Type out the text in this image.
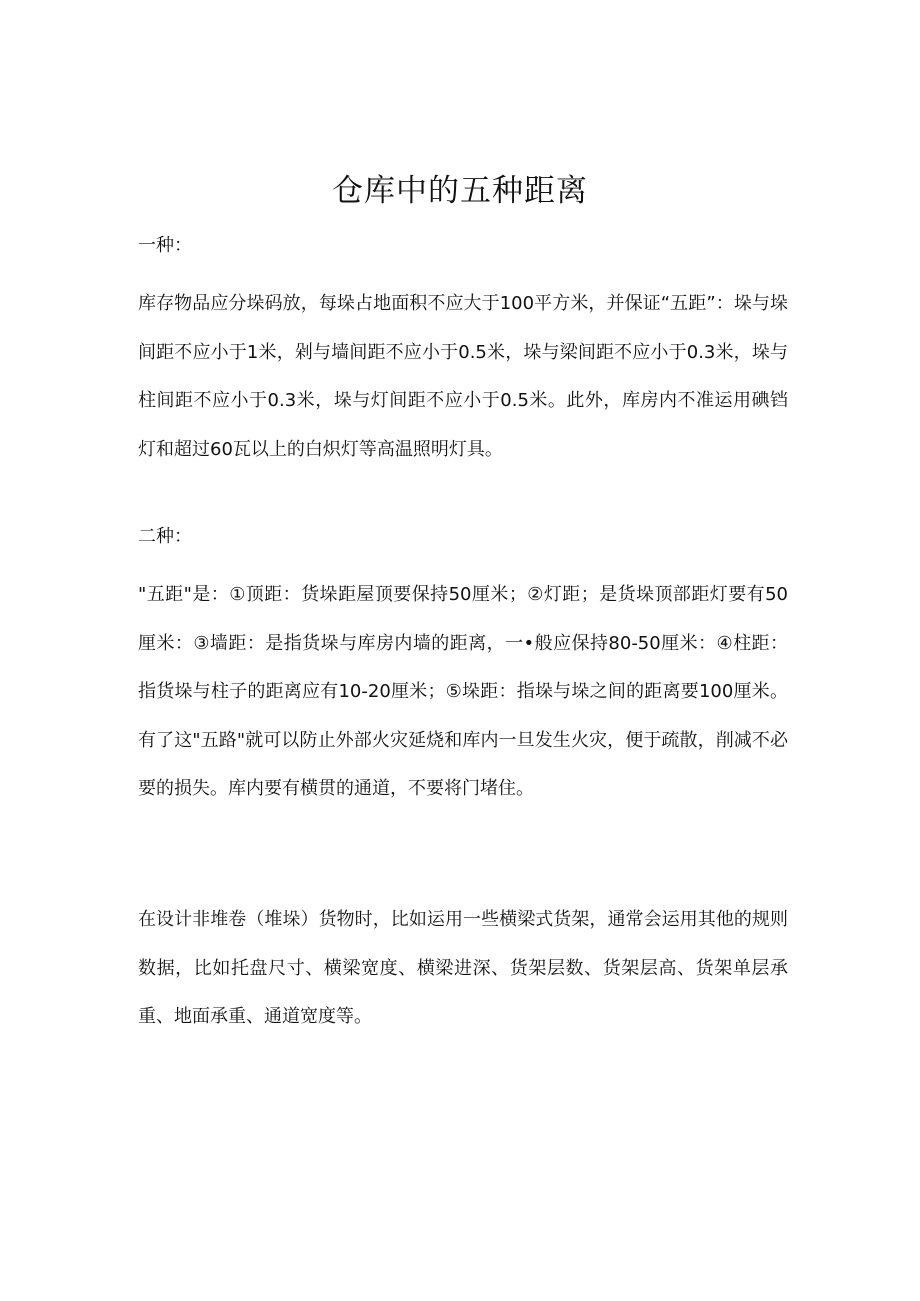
仓库中的五种距离
一种：

库存物品应分垛码放，每垛占地面积不应大于100平方米，并保证“五距”：垛与垛间距不应小于1米，剁与墙间距不应小于0.5米，垛与梁间距不应小于0.3米，垛与柱间距不应小于0.3米，垛与灯间距不应小于0.5米。此外，库房内不准运用碘铛灯和超过60瓦以上的白炽灯等高温照明灯具。

二种：

"五距"是：①顶距：货垛距屋顶要保持50厘米；②灯距；是货垛顶部距灯要有50厘米：③墙距：是指货垛与库房内墙的距离，一•般应保持80-50厘米：④柱距：指货垛与柱子的距离应有10-20厘米；⑤垛距：指垛与垛之间的距离要100厘米。有了这"五路"就可以防止外部火灾延烧和库内一旦发生火灾，便于疏散，削减不必要的损失。库内要有横贯的通道，不要将门堵住。

在设计非堆卷（堆垛）货物时，比如运用一些横梁式货架，通常会运用其他的规则数据，比如托盘尺寸、横梁宽度、横梁进深、货架层数、货架层高、货架单层承重、地面承重、通道宽度等。
